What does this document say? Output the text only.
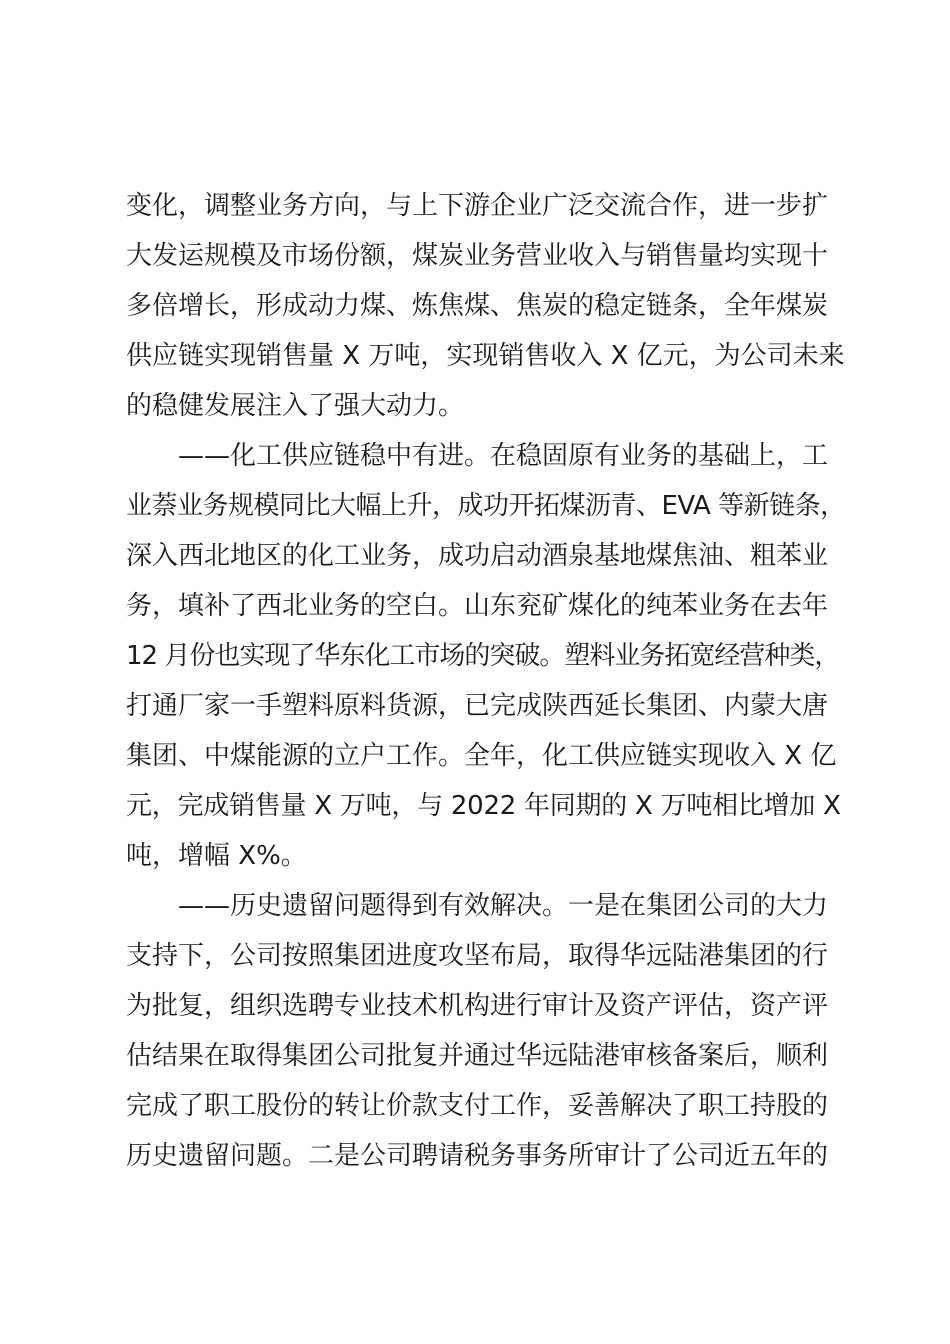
变化，调整业务方向，与上下游企业广泛交流合作，进一步扩
大发运规模及市场份额，煤炭业务营业收入与销售量均实现十
多倍增长，形成动力煤、炼焦煤、焦炭的稳定链条，全年煤炭
供应链实现销售量 X 万吨，实现销售收入 X 亿元，为公司未来
的稳健发展注入了强大动力。
——化工供应链稳中有进。在稳固原有业务的基础上，工
业萘业务规模同比大幅上升，成功开拓煤沥青、EVA 等新链条，
深入西北地区的化工业务，成功启动酒泉基地煤焦油、粗苯业
务，填补了西北业务的空白。山东兖矿煤化的纯苯业务在去年
12 月份也实现了华东化工市场的突破。塑料业务拓宽经营种类，
打通厂家一手塑料原料货源，已完成陕西延长集团、内蒙大唐
集团、中煤能源的立户工作。全年，化工供应链实现收入 X 亿
元，完成销售量 X 万吨，与 2022 年同期的 X 万吨相比增加 X
吨，增幅 X%。
——历史遗留问题得到有效解决。一是在集团公司的大力
支持下，公司按照集团进度攻坚布局，取得华远陆港集团的行
为批复，组织选聘专业技术机构进行审计及资产评估，资产评
估结果在取得集团公司批复并通过华远陆港审核备案后，顺利
完成了职工股份的转让价款支付工作，妥善解决了职工持股的
历史遗留问题。二是公司聘请税务事务所审计了公司近五年的
